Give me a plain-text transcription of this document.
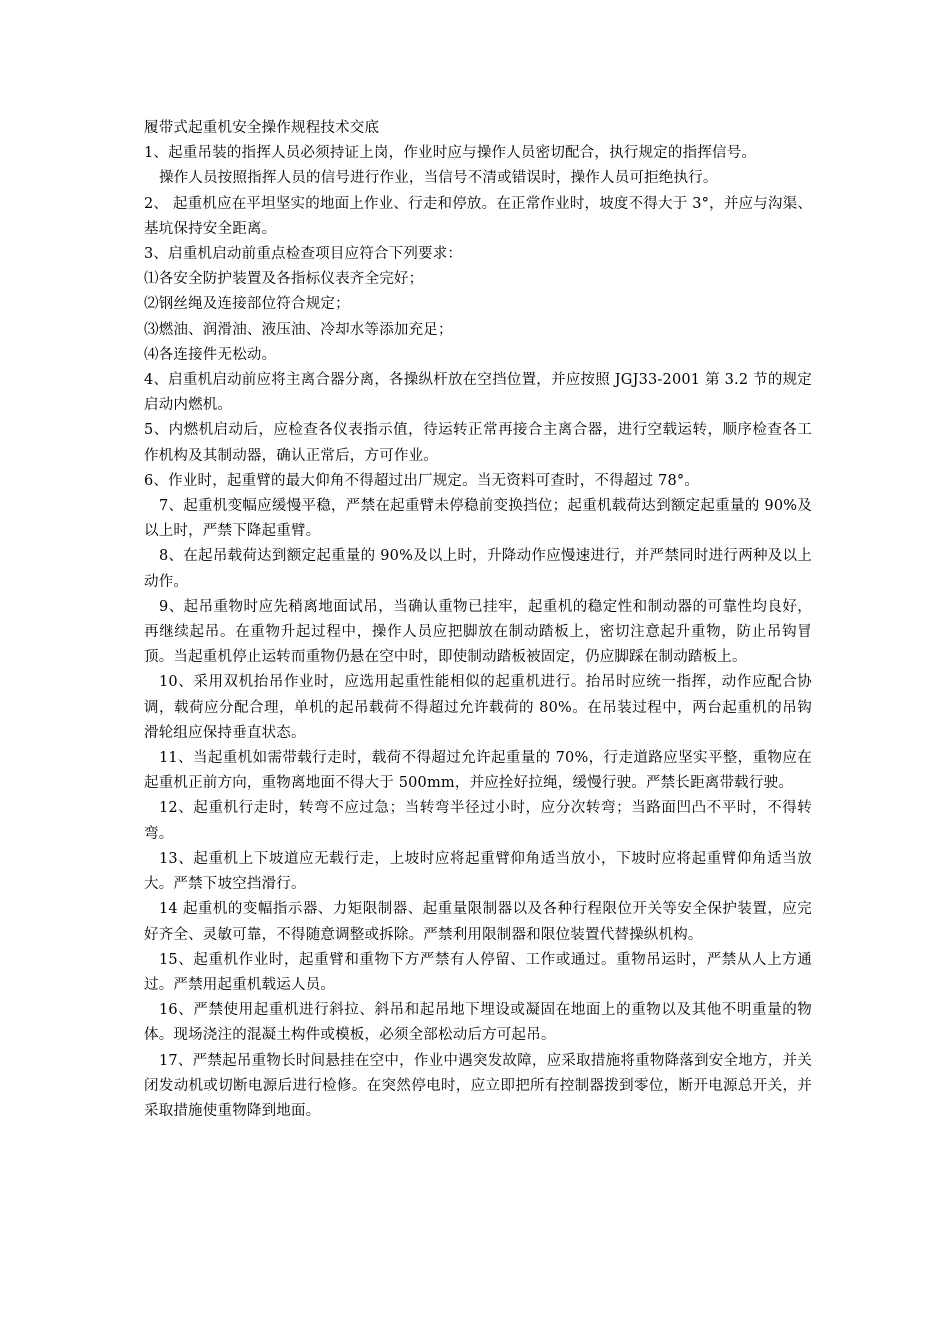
履带式起重机安全操作规程技术交底

1、起重吊装的指挥人员必须持证上岗，作业时应与操作人员密切配合，执行规定的指挥信号。

操作人员按照指挥人员的信号进行作业，当信号不清或错误时，操作人员可拒绝执行。

2、 起重机应在平坦坚实的地面上作业、行走和停放。在正常作业时，坡度不得大于 3°，并应与沟渠、基坑保持安全距离。

3、启重机启动前重点检查项目应符合下列要求：

⑴各安全防护装置及各指标仪表齐全完好；

⑵钢丝绳及连接部位符合规定；

⑶燃油、润滑油、液压油、冷却水等添加充足；

⑷各连接件无松动。

4、启重机启动前应将主离合器分离，各操纵杆放在空挡位置，并应按照 JGJ33-2001 第 3.2 节的规定启动内燃机。

5、内燃机启动后，应检查各仪表指示值，待运转正常再接合主离合器，进行空载运转，顺序检查各工作机构及其制动器，确认正常后，方可作业。

6、作业时，起重臂的最大仰角不得超过出厂规定。当无资料可查时，不得超过 78°。

7、起重机变幅应缓慢平稳，严禁在起重臂未停稳前变换挡位；起重机载荷达到额定起重量的 90%及以上时，严禁下降起重臂。

8、在起吊载荷达到额定起重量的 90%及以上时，升降动作应慢速进行，并严禁同时进行两种及以上动作。

9、起吊重物时应先稍离地面试吊，当确认重物已挂牢，起重机的稳定性和制动器的可靠性均良好，再继续起吊。在重物升起过程中，操作人员应把脚放在制动踏板上，密切注意起升重物，防止吊钩冒顶。当起重机停止运转而重物仍悬在空中时，即使制动踏板被固定，仍应脚踩在制动踏板上。

10、采用双机抬吊作业时，应选用起重性能相似的起重机进行。抬吊时应统一指挥，动作应配合协调，载荷应分配合理，单机的起吊载荷不得超过允许载荷的 80%。在吊装过程中，两台起重机的吊钩滑轮组应保持垂直状态。

11、当起重机如需带载行走时，载荷不得超过允许起重量的 70%，行走道路应坚实平整，重物应在起重机正前方向，重物离地面不得大于 500mm，并应拴好拉绳，缓慢行驶。严禁长距离带载行驶。

12、起重机行走时，转弯不应过急；当转弯半径过小时，应分次转弯；当路面凹凸不平时，不得转弯。

13、起重机上下坡道应无载行走，上坡时应将起重臂仰角适当放小，下坡时应将起重臂仰角适当放大。严禁下坡空挡滑行。

14 起重机的变幅指示器、力矩限制器、起重量限制器以及各种行程限位开关等安全保护装置，应完好齐全、灵敏可靠，不得随意调整或拆除。严禁利用限制器和限位装置代替操纵机构。

15、起重机作业时，起重臂和重物下方严禁有人停留、工作或通过。重物吊运时，严禁从人上方通过。严禁用起重机载运人员。

16、严禁使用起重机进行斜拉、斜吊和起吊地下埋设或凝固在地面上的重物以及其他不明重量的物体。现场浇注的混凝土构件或模板，必须全部松动后方可起吊。

17、严禁起吊重物长时间悬挂在空中，作业中遇突发故障，应采取措施将重物降落到安全地方，并关闭发动机或切断电源后进行检修。在突然停电时，应立即把所有控制器拨到零位，断开电源总开关，并采取措施使重物降到地面。
